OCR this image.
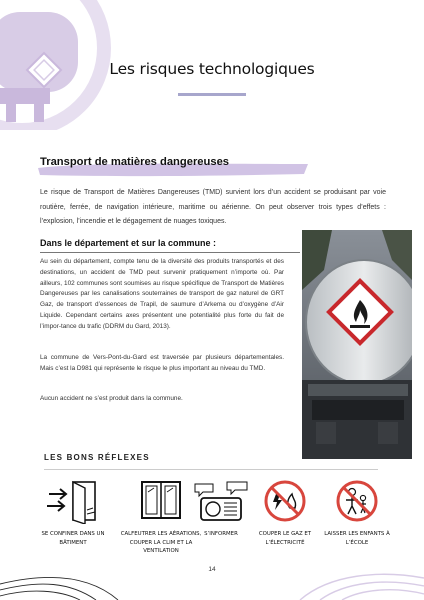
Les risques technologiques
Transport de matières dangereuses

Le risque de Transport de Matières Dangereuses (TMD) survient lors d’un accident se produisant par voie routière, ferrée, de navigation intérieure, maritime ou aérienne. On peut observer trois types d’effets : l’explosion, l’incendie et le dégagement de nuages toxiques.

Dans le département et sur la commune :

Au sein du département, compte tenu de la diversité des produits transportés et des destinations, un accident de TMD peut survenir pratiquement n’importe où. Par ailleurs, 102 communes sont soumises au risque spécifique de Transport de Matières Dangereuses par les canalisations souterraines de transport de gaz naturel de GRT Gaz, de transport d’essences de Trapil, de saumure d’Arkema ou d’oxygène d’Air Liquide. Cependant certains axes présentent une potentialité plus forte du fait de l’impor-tance du trafic (DDRM du Gard, 2013).

La commune de Vers-Pont-du-Gard est traversée par plusieurs départementales. Mais c’est la D981 qui représente le risque le plus important au niveau du TMD.

Aucun accident ne s’est produit dans la commune.

LES BONS RÉFLEXES
SE CONFINER DANS UN BÂTIMENT
CALFEUTRER LES AÉRATIONS, COUPER LA CLIM ET LA VENTILATION
S’INFORMER	COUPER LE GAZ ET L’ÉLECTRICITÉ
LAISSER LES ENFANTS À L’ÉCOLE
14
